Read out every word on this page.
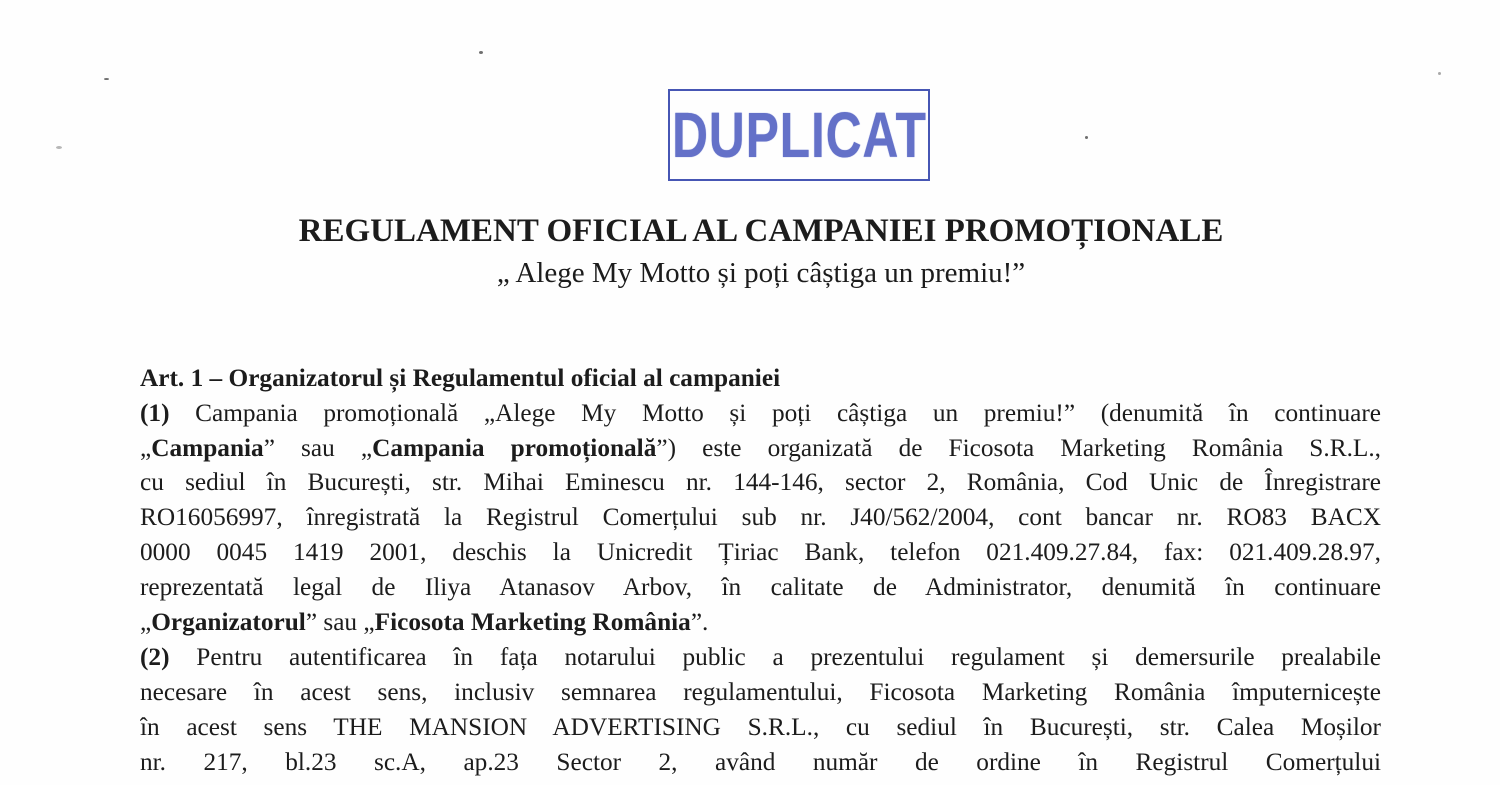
DUPLICAT
REGULAMENT OFICIAL AL CAMPANIEI PROMOȚIONALE
„ Alege My Motto și poți câștiga un premiu!”
Art. 1 – Organizatorul și Regulamentul oficial al campaniei
(1) Campania promoțională „Alege My Motto și poți câștiga un premiu!” (denumită în continuare
„Campania” sau „Campania promoțională”) este organizată de Ficosota Marketing România S.R.L.,
cu sediul în București, str. Mihai Eminescu nr. 144-146, sector 2, România, Cod Unic de Înregistrare
RO16056997, înregistrată la Registrul Comerțului sub nr. J40/562/2004, cont bancar nr. RO83 BACX
0000 0045 1419 2001, deschis la Unicredit Țiriac Bank, telefon 021.409.27.84, fax: 021.409.28.97,
reprezentată legal de Iliya Atanasov Arbov, în calitate de Administrator, denumită în continuare
„Organizatorul” sau „Ficosota Marketing România”.
(2) Pentru autentificarea în fața notarului public a prezentului regulament și demersurile prealabile
necesare în acest sens, inclusiv semnarea regulamentului, Ficosota Marketing România împuternicește
în acest sens THE MANSION ADVERTISING S.R.L., cu sediul în București, str. Calea Moșilor
nr. 217, bl.23 sc.A, ap.23 Sector 2, având număr de ordine în Registrul Comerțului
